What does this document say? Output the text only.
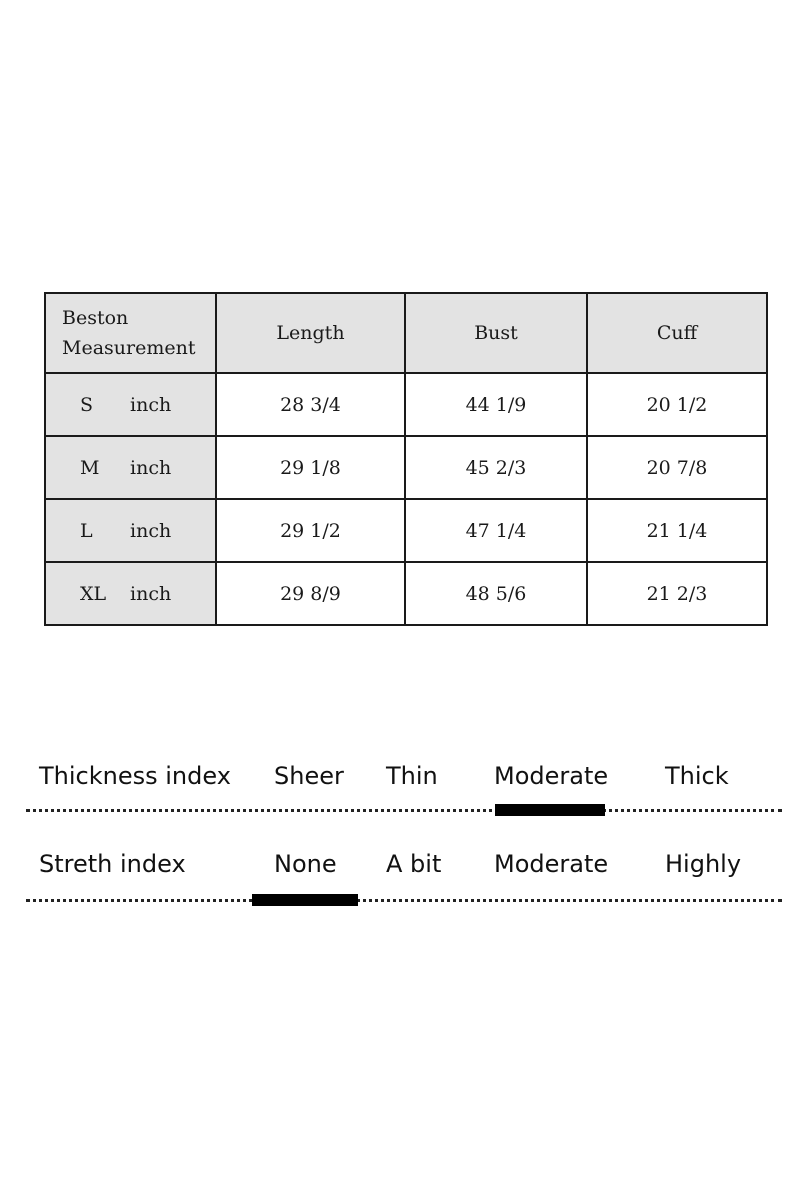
Beston
Measurement	Length	Bust	Cuff
S inch	28 3/4	44 1/9	20 1/2
M inch	29 1/8	45 2/3	20 7/8
L inch	29 1/2	47 1/4	21 1/4
XL inch	29 8/9	48 5/6	21 2/3
Thickness index Sheer Thin Moderate Thick
Streth index	None A bit Moderate Highly
